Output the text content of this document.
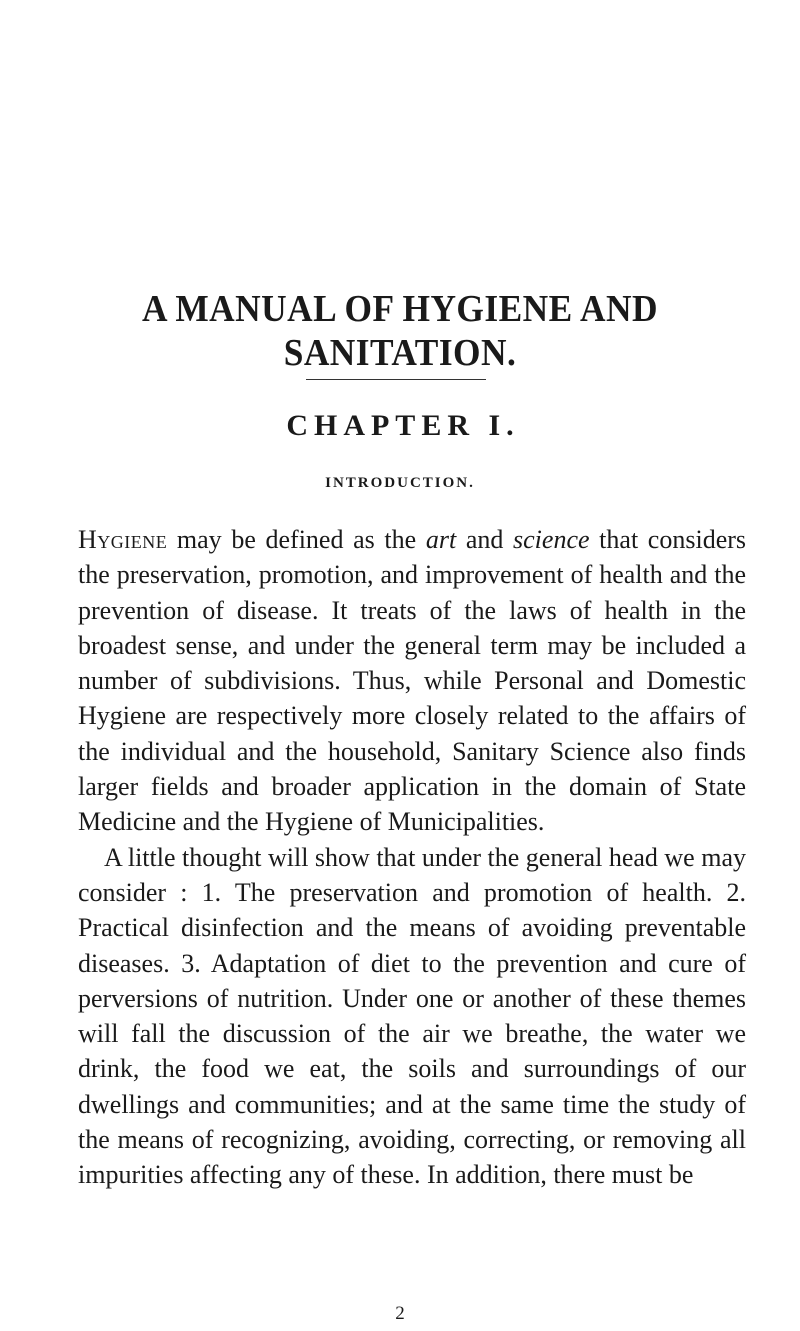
A MANUAL OF HYGIENE AND SANITATION.
CHAPTER I.
INTRODUCTION.

Hygiene may be defined as the art and science that considers the preservation, promotion, and improvement of health and the prevention of disease. It treats of the laws of health in the broadest sense, and under the general term may be included a number of subdivisions. Thus, while Personal and Domestic Hygiene are respectively more closely related to the affairs of the individual and the household, Sanitary Science also finds larger fields and broader application in the domain of State Medicine and the Hygiene of Municipalities.

A little thought will show that under the general head we may consider : 1. The preservation and promotion of health. 2. Practical disinfection and the means of avoiding preventable diseases. 3. Adaptation of diet to the prevention and cure of perversions of nutrition. Under one or another of these themes will fall the discussion of the air we breathe, the water we drink, the food we eat, the soils and surroundings of our dwellings and communities; and at the same time the study of the means of recognizing, avoiding, correcting, or removing all impurities affecting any of these. In addition, there must be

2
